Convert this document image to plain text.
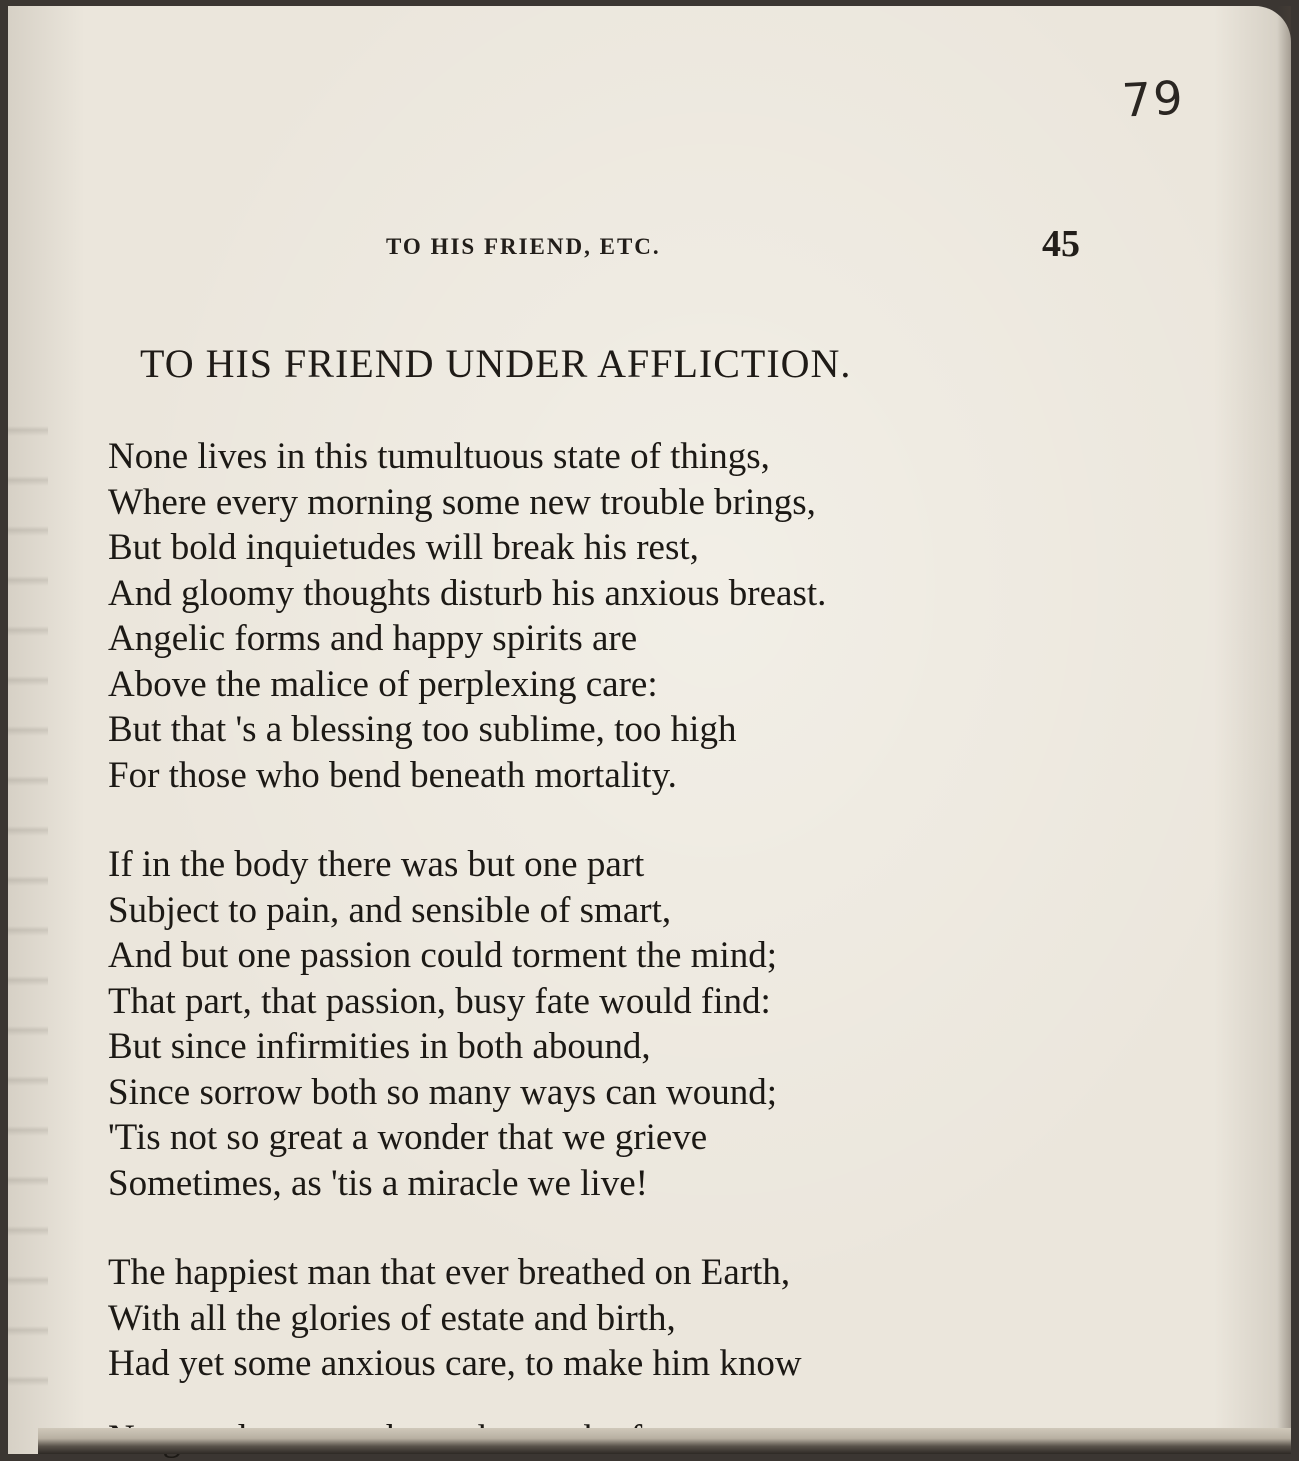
79
TO HIS FRIEND, ETC.	45
TO HIS FRIEND UNDER AFFLICTION.
None lives in this tumultuous state of things,
Where every morning some new trouble brings,
But bold inquietudes will break his rest,
And gloomy thoughts disturb his anxious breast.
Angelic forms and happy spirits are
Above the malice of perplexing care:
But that 's a blessing too sublime, too high
For those who bend beneath mortality.
If in the body there was but one part
Subject to pain, and sensible of smart,
And but one passion could torment the mind;
That part, that passion, busy fate would find:
But since infirmities in both abound,
Since sorrow both so many ways can wound;
'Tis not so great a wonder that we grieve
Sometimes, as 'tis a miracle we live!
The happiest man that ever breathed on Earth,
With all the glories of estate and birth,
Had yet some anxious care, to make him know
